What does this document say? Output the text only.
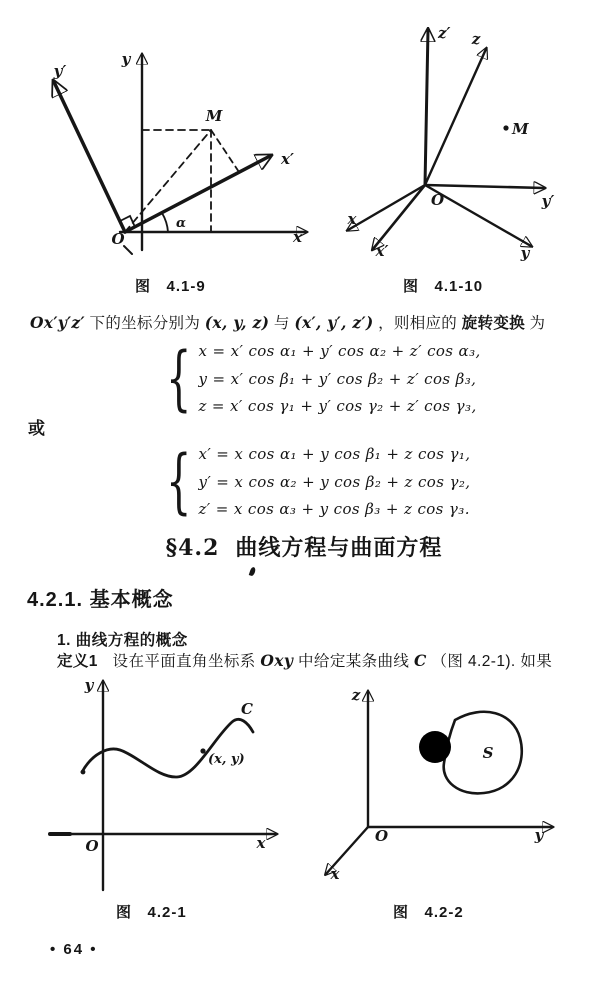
y
y′
x
x′
M
O
α
图   4.1-9
z′ z
y′
y
x
x′
M
O
图   4.1-10
Ox′y′z′ 下的坐标分别为 (x, y, z) 与 (x′, y′, z′) ，则相应的 旋转变换 为
{ x = x′ cos α₁ + y′ cos α₂ + z′ cos α₃,
y = x′ cos β₁ + y′ cos β₂ + z′ cos β₃,
z = x′ cos γ₁ + y′ cos γ₂ + z′ cos γ₃,
或
{ x′ = x cos α₁ + y cos β₁ + z cos γ₁,
y′ = x cos α₂ + y cos β₂ + z cos γ₂,
z′ = x cos α₃ + y cos β₃ + z cos γ₃.
§4.2 曲线方程与曲面方程
4.2.1. 基本概念
1. 曲线方程的概念
定义1 设在平面直角坐标系 Oxy 中给定某条曲线 C （图 4.2-1). 如果
y
x
O
C
(x, y)
图   4.2-1
z
y
x
O
S
图   4.2-2
• 64 •
